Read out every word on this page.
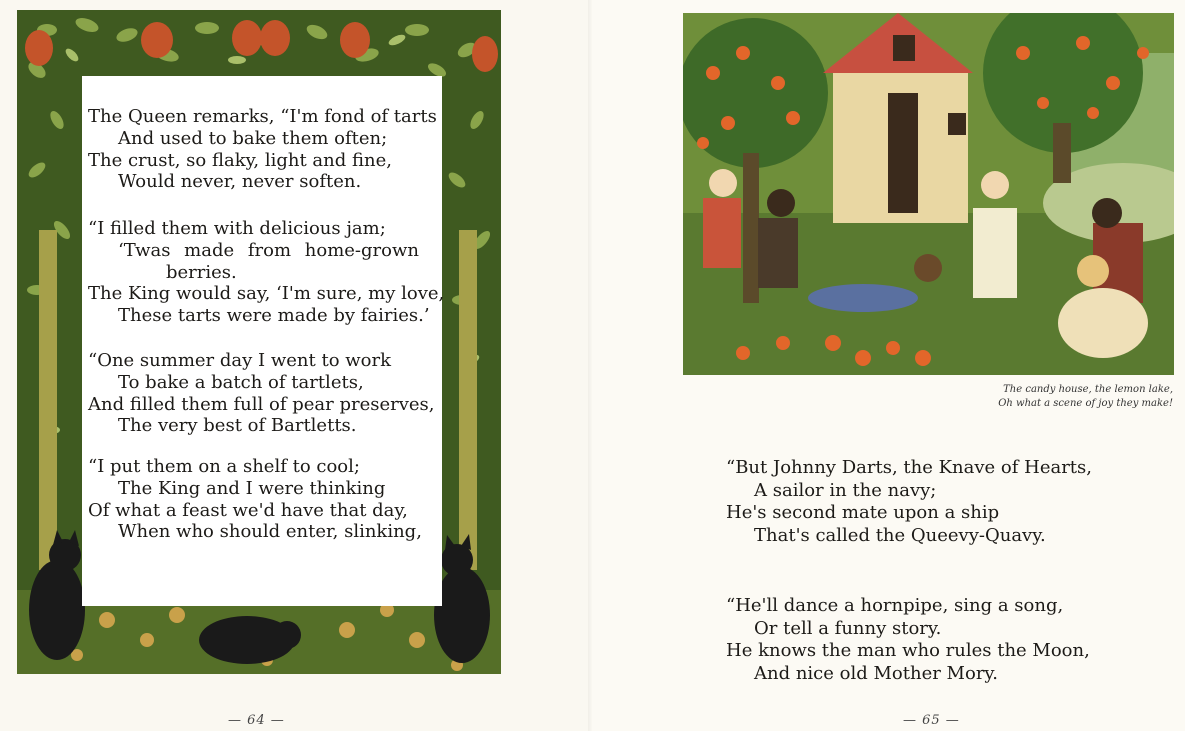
The Queen remarks, “I'm fond of tarts
And used to bake them often;
The crust, so flaky, light and fine,
Would never, never soften.
“I filled them with delicious jam;
‘Twas made from home-grown
berries.
The King would say, ‘I'm sure, my love,
These tarts were made by fairies.’
“One summer day I went to work
To bake a batch of tartlets,
And filled them full of pear preserves,
The very best of Bartletts.
“I put them on a shelf to cool;
The King and I were thinking
Of what a feast we'd have that day,
When who should enter, slinking,
— 64 —
The candy house, the lemon lake,
Oh what a scene of joy they make!
“But Johnny Darts, the Knave of Hearts,
A sailor in the navy;
He's second mate upon a ship
That's called the Queevy-Quavy.
“He'll dance a hornpipe, sing a song,
Or tell a funny story.
He knows the man who rules the Moon,
And nice old Mother Mory.
— 65 —
